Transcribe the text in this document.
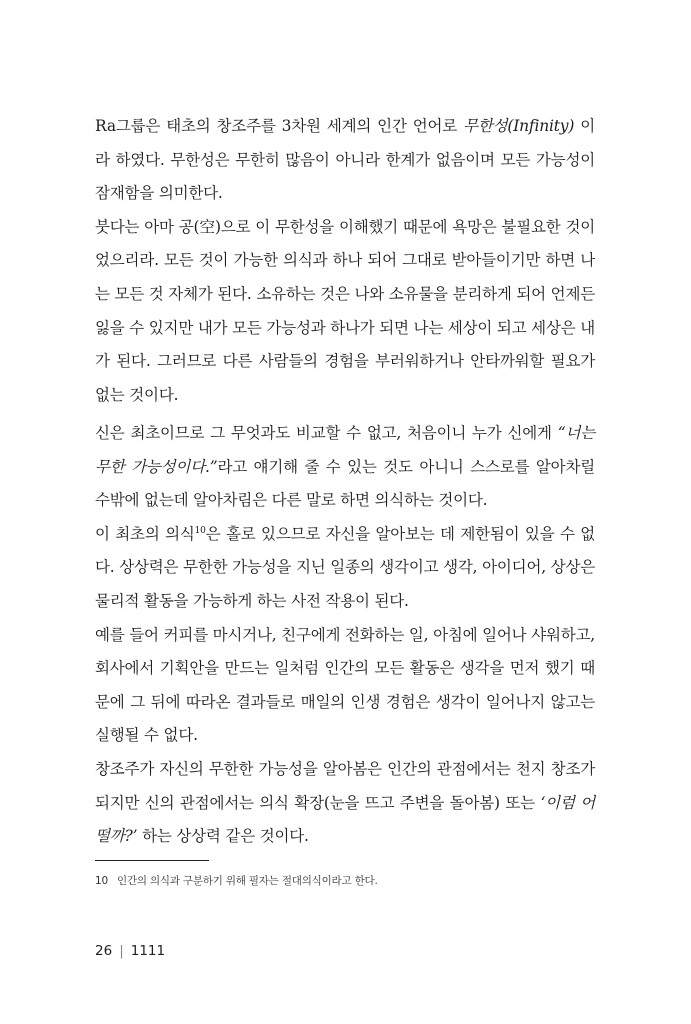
Ra그룹은 태초의 창조주를 3차원 세계의 인간 언어로 무한성(Infinity) 이라 하였다. 무한성은 무한히 많음이 아니라 한계가 없음이며 모든 가능성이 잠재함을 의미한다.

붓다는 아마 공(空)으로 이 무한성을 이해했기 때문에 욕망은 불필요한 것이었으리라. 모든 것이 가능한 의식과 하나 되어 그대로 받아들이기만 하면 나는 모든 것 자체가 된다. 소유하는 것은 나와 소유물을 분리하게 되어 언제든 잃을 수 있지만 내가 모든 가능성과 하나가 되면 나는 세상이 되고 세상은 내가 된다. 그러므로 다른 사람들의 경험을 부러워하거나 안타까워할 필요가 없는 것이다.

신은 최초이므로 그 무엇과도 비교할 수 없고, 처음이니 누가 신에게 “너는 무한 가능성이다.”라고 얘기해 줄 수 있는 것도 아니니 스스로를 알아차릴 수밖에 없는데 알아차림은 다른 말로 하면 의식하는 것이다.

이 최초의 의식$^{10}$은 홀로 있으므로 자신을 알아보는 데 제한됨이 있을 수 없다. 상상력은 무한한 가능성을 지닌 일종의 생각이고 생각, 아이디어, 상상은 물리적 활동을 가능하게 하는 사전 작용이 된다.

예를 들어 커피를 마시거나, 친구에게 전화하는 일, 아침에 일어나 샤워하고, 회사에서 기획안을 만드는 일처럼 인간의 모든 활동은 생각을 먼저 했기 때문에 그 뒤에 따라온 결과들로 매일의 인생 경험은 생각이 일어나지 않고는 실행될 수 없다.

창조주가 자신의 무한한 가능성을 알아봄은 인간의 관점에서는 천지 창조가 되지만 신의 관점에서는 의식 확장(눈을 뜨고 주변을 돌아봄) 또는 ‘이럼 어떨까?’ 하는 상상력 같은 것이다.

10 인간의 의식과 구분하기 위해 필자는 절대의식이라고 한다.
26 | 1111
